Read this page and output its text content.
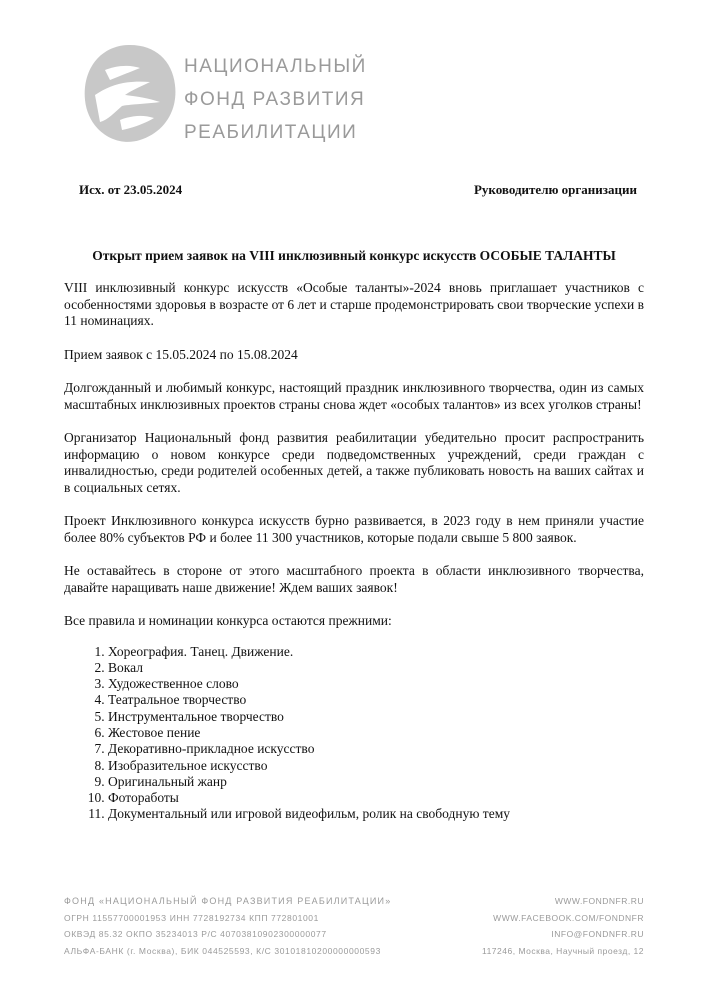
НАЦИОНАЛЬНЫЙ
ФОНД РАЗВИТИЯ
РЕАБИЛИТАЦИИ
Исх. от 23.05.2024	Руководителю организации
Открыт прием заявок на VIII инклюзивный конкурс искусств ОСОБЫЕ ТАЛАНТЫ

VIII инклюзивный конкурс искусств «Особые таланты»-2024 вновь приглашает участников с особенностями здоровья в возрасте от 6 лет и старше продемонстрировать свои творческие успехи в 11 номинациях.

Прием заявок с 15.05.2024 по 15.08.2024

Долгожданный и любимый конкурс, настоящий праздник инклюзивного творчества, один из самых масштабных инклюзивных проектов страны снова ждет «особых талантов» из всех уголков страны!

Организатор Национальный фонд развития реабилитации убедительно просит распространить информацию о новом конкурсе среди подведомственных учреждений, среди граждан с инвалидностью, среди родителей особенных детей, а также публиковать новость на ваших сайтах и в социальных сетях.

Проект Инклюзивного конкурса искусств бурно развивается, в 2023 году в нем приняли участие более 80% субъектов РФ и более 11 300 участников, которые подали свыше 5 800 заявок.

Не оставайтесь в стороне от этого масштабного проекта в области инклюзивного творчества, давайте наращивать наше движение! Ждем ваших заявок!

Все правила и номинации конкурса остаются прежними:

1. Хореография. Танец. Движение.
2. Вокал
3. Художественное слово
4. Театральное творчество
5. Инструментальное творчество
6. Жестовое пение
7. Декоративно-прикладное искусство
8. Изобразительное искусство
9. Оригинальный жанр
10. Фотоработы
11. Документальный или игровой видеофильм, ролик на свободную тему
ФОНД «НАЦИОНАЛЬНЫЙ ФОНД РАЗВИТИЯ РЕАБИЛИТАЦИИ»
ОГРН 1155770000195З ИНН 7728192734 КПП 772801001
ОКВЭД 85.32 ОКПО 35234013 Р/С 40703810902300000077
АЛЬФА-БАНК (г. Москва), БИК 044525593, К/С 30101810200000000593
WWW.FONDNFR.RU
WWW.FACEBOOK.COM/FONDNFR
INFO@FONDNFR.RU
117246, Москва, Научный проезд, 12
